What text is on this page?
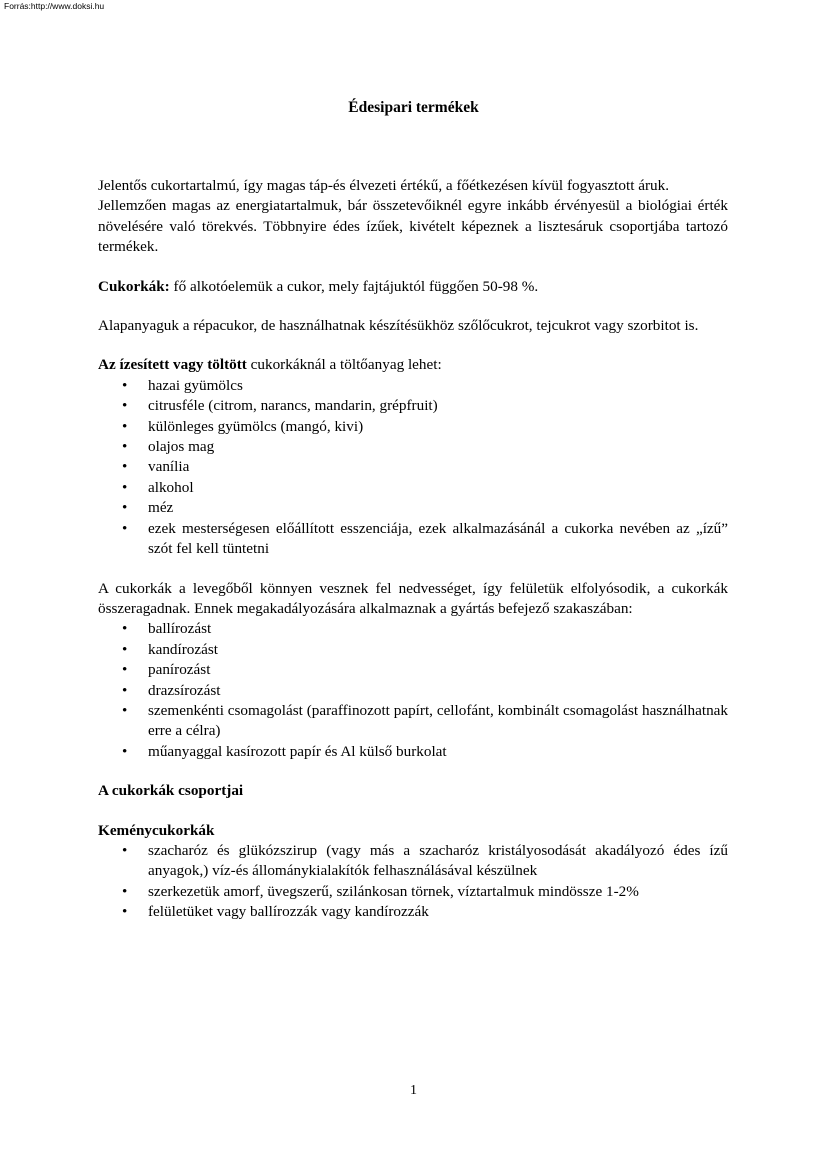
Forrás:http://www.doksi.hu
Édesipari termékek

Jelentős cukortartalmú, így magas táp-és élvezeti értékű, a főétkezésen kívül fogyasztott áruk.

Jellemzően magas az energiatartalmuk, bár összetevőiknél egyre inkább érvényesül a biológiai érték növelésére való törekvés. Többnyire édes ízűek, kivételt képeznek a lisztesáruk csoportjába tartozó termékek.

Cukorkák: fő alkotóelemük a cukor, mely fajtájuktól függően 50-98 %.

Alapanyaguk a répacukor, de használhatnak készítésükhöz szőlőcukrot, tejcukrot vagy szorbitot is.

Az ízesített vagy töltött cukorkáknál a töltőanyag lehet:

• hazai gyümölcs
• citrusféle (citrom, narancs, mandarin, grépfruit)
• különleges gyümölcs (mangó, kivi)
• olajos mag
• vanília
• alkohol
• méz
• ezek mesterségesen előállított esszenciája, ezek alkalmazásánál a cukorka nevében az „ízű” szót fel kell tüntetni

A cukorkák a levegőből könnyen vesznek fel nedvességet, így felületük elfolyósodik, a cukorkák összeragadnak. Ennek megakadályozására alkalmaznak a gyártás befejező szakaszában:

• ballírozást
• kandírozást
• panírozást
• drazsírozást
• szemenkénti csomagolást (paraffinozott papírt, cellofánt, kombinált csomagolást használhatnak erre a célra)
• műanyaggal kasírozott papír és Al külső burkolat

A cukorkák csoportjai

Keménycukorkák

• szacharóz és glükózszirup (vagy más a szacharóz kristályosodását akadályozó édes ízű anyagok,) víz-és állománykialakítók felhasználásával készülnek
• szerkezetük amorf, üvegszerű, szilánkosan törnek, víztartalmuk mindössze 1-2%
• felületüket vagy ballírozzák vagy kandírozzák
1
